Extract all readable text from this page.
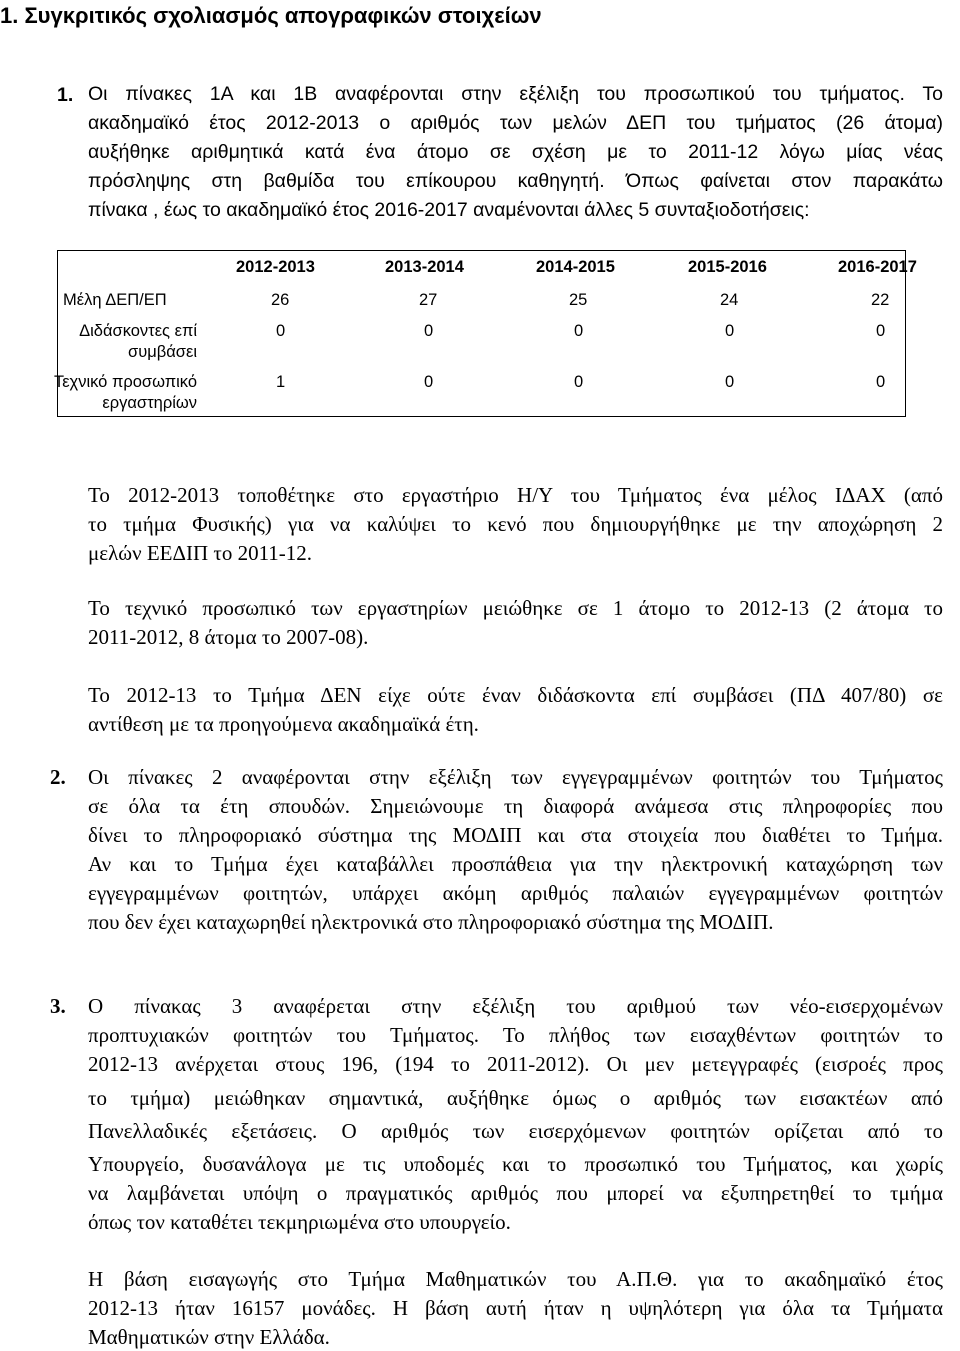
1. Συγκριτικός σχολιασμός απογραφικών στοιχείων
1. Οι πίνακες 1Α και 1Β αναφέρονται στην εξέλιξη του προσωπικού του τμήματος. Το
ακαδημαϊκό έτος 2012-2013 ο αριθμός των μελών ΔΕΠ του τμήματος (26 άτομα)
αυξήθηκε αριθμητικά κατά ένα άτομο σε σχέση με το 2011-12 λόγω μίας νέας
πρόσληψης στη βαθμίδα του επίκουρου καθηγητή. Όπως φαίνεται στον παρακάτω
πίνακα , έως το ακαδημαϊκό έτος 2016-2017 αναμένονται άλλες 5 συνταξιοδοτήσεις:
2012-2013	2013-2014	2014-2015	2015-2016	2016-2017
Μέλη ΔΕΠ/ΕΠ	26	27	25	24	22
Διδάσκοντες επί
συμβάσει
0	0	0	0	0
Τεχνικό προσωπικό
εργαστηρίων
1	0	0	0	0
Το 2012-2013 τοποθέτηκε στο εργαστήριο Η/Υ του Τμήματος ένα μέλος ΙΔΑΧ (από
το τμήμα Φυσικής) για να καλύψει το κενό που δημιουργήθηκε με την αποχώρηση 2
μελών ΕΕΔΙΠ το 2011-12.
Το τεχνικό προσωπικό των εργαστηρίων μειώθηκε σε 1 άτομο το 2012-13 (2 άτομα το
2011-2012, 8 άτομα το 2007-08).
Το 2012-13 το Τμήμα ΔΕΝ είχε ούτε έναν διδάσκοντα επί συμβάσει (ΠΔ 407/80) σε
αντίθεση με τα προηγούμενα ακαδημαϊκά έτη.
2. Οι πίνακες 2 αναφέρονται στην εξέλιξη των εγγεγραμμένων φοιτητών του Τμήματος
σε όλα τα έτη σπουδών. Σημειώνουμε τη διαφορά ανάμεσα στις πληροφορίες που
δίνει το πληροφοριακό σύστημα της ΜΟΔΙΠ και στα στοιχεία που διαθέτει το Τμήμα.
Αν και το Τμήμα έχει καταβάλλει προσπάθεια για την ηλεκτρονική καταχώρηση των
εγγεγραμμένων φοιτητών, υπάρχει ακόμη αριθμός παλαιών εγγεγραμμένων φοιτητών
που δεν έχει καταχωρηθεί ηλεκτρονικά στο πληροφοριακό σύστημα της ΜΟΔΙΠ.
3. Ο πίνακας 3 αναφέρεται στην εξέλιξη του αριθμού των νέο-εισερχομένων
προπτυχιακών φοιτητών του Τμήματος. Το πλήθος των εισαχθέντων φοιτητών το
2012-13 ανέρχεται στους 196, (194 το 2011-2012). Οι μεν μετεγγραφές (εισροές προς
το τμήμα) μειώθηκαν σημαντικά, αυξήθηκε όμως ο αριθμός των εισακτέων από
Πανελλαδικές εξετάσεις. Ο αριθμός των εισερχόμενων φοιτητών ορίζεται από το
Υπουργείο, δυσανάλογα με τις υποδομές και το προσωπικό του Τμήματος, και χωρίς
να λαμβάνεται υπόψη ο πραγματικός αριθμός που μπορεί να εξυπηρετηθεί το τμήμα
όπως τον καταθέτει τεκμηριωμένα στο υπουργείο.
Η βάση εισαγωγής στο Τμήμα Μαθηματικών του Α.Π.Θ. για το ακαδημαϊκό έτος
2012-13 ήταν 16157 μονάδες. Η βάση αυτή ήταν η υψηλότερη για όλα τα Τμήματα
Μαθηματικών στην Ελλάδα.
